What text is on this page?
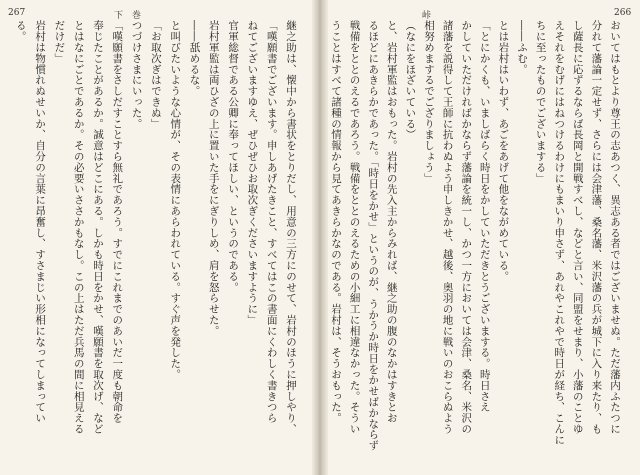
267	下　巻
継之助は、懐中から書状をとりだし、用意の三方にのせて、岩村のほうに押しやり、
「嘆願書でございます。申しあげたきこと、すべてはこの書面にくわしく書きつら
ねてございますゆえ、ぜひぜひお取次ぎくださいますように」
官軍総督である公卿に奉ってほしい、というのである。
岩村軍監は両ひざの上に置いた手をにぎりしめ、肩を怒らせた。
――舐めるな。
と叫びたいような心情が、その表情にあらわれている。すぐ声を発した。
「お取次ぎはできぬ」
つづけさまにいった。
「嘆願書をさしだすことすら無礼であろう。すでにこれまでのあいだ一度も朝命を
奉じたことがあるか。誠意はどこにある。しかも時日をかせ、嘆願書を取次げ、など
とはなにごとであるか。その必要いささかもなし。この上はただ兵馬の間に相見える
だけだ」
岩村は物慣れぬせいか、自分の言葉に昂奮し、すさまじい形相になってしまってい
る。
峠	266
おいてはもとより尊王の志あつく、異志ある者ではございませぬ。ただ藩内ふたつに
分れて藩論一定せず、さらには会津藩、桑名藩、米沢藩の兵が城下に入り来たり、も
し薩長に応ずるならば長岡と開戦すべし、などと言い、同盟をせまり、小藩のことゆ
えそれをむげにはねつけるわけにもまいり申さず、あれやこれやで時日が経ち、こんに
ちに至ったものでございまする」
――ふむ。
とは岩村はいわず、あごをあげて他をながめている。
「とにかくも、いましばらく時日をかしていただきとうございまする。時日さえ
かしていただければかならず藩論を統一し、かつ一方においては会津、桑名、米沢の
諸藩を説得して王師に抗わぬよう申しきかせ、越後、奥羽の地に戦いのおこらぬよう
相努めまするでござりましょう」
（なにをほざいている）
と、岩村軍監はおもった。岩村の先入主からみれば、継之助の腹のなかはすきとお
るほどにあきらかであった。「時日をかせ」というのが、うかうか時日をかせばかならず
戦備をととのえるであろう。戦備をととのえるための小細工に相違なかった。そうい
うことはすべて諸種の情報から見てあきらかなのである。岩村は、そうおもった。
